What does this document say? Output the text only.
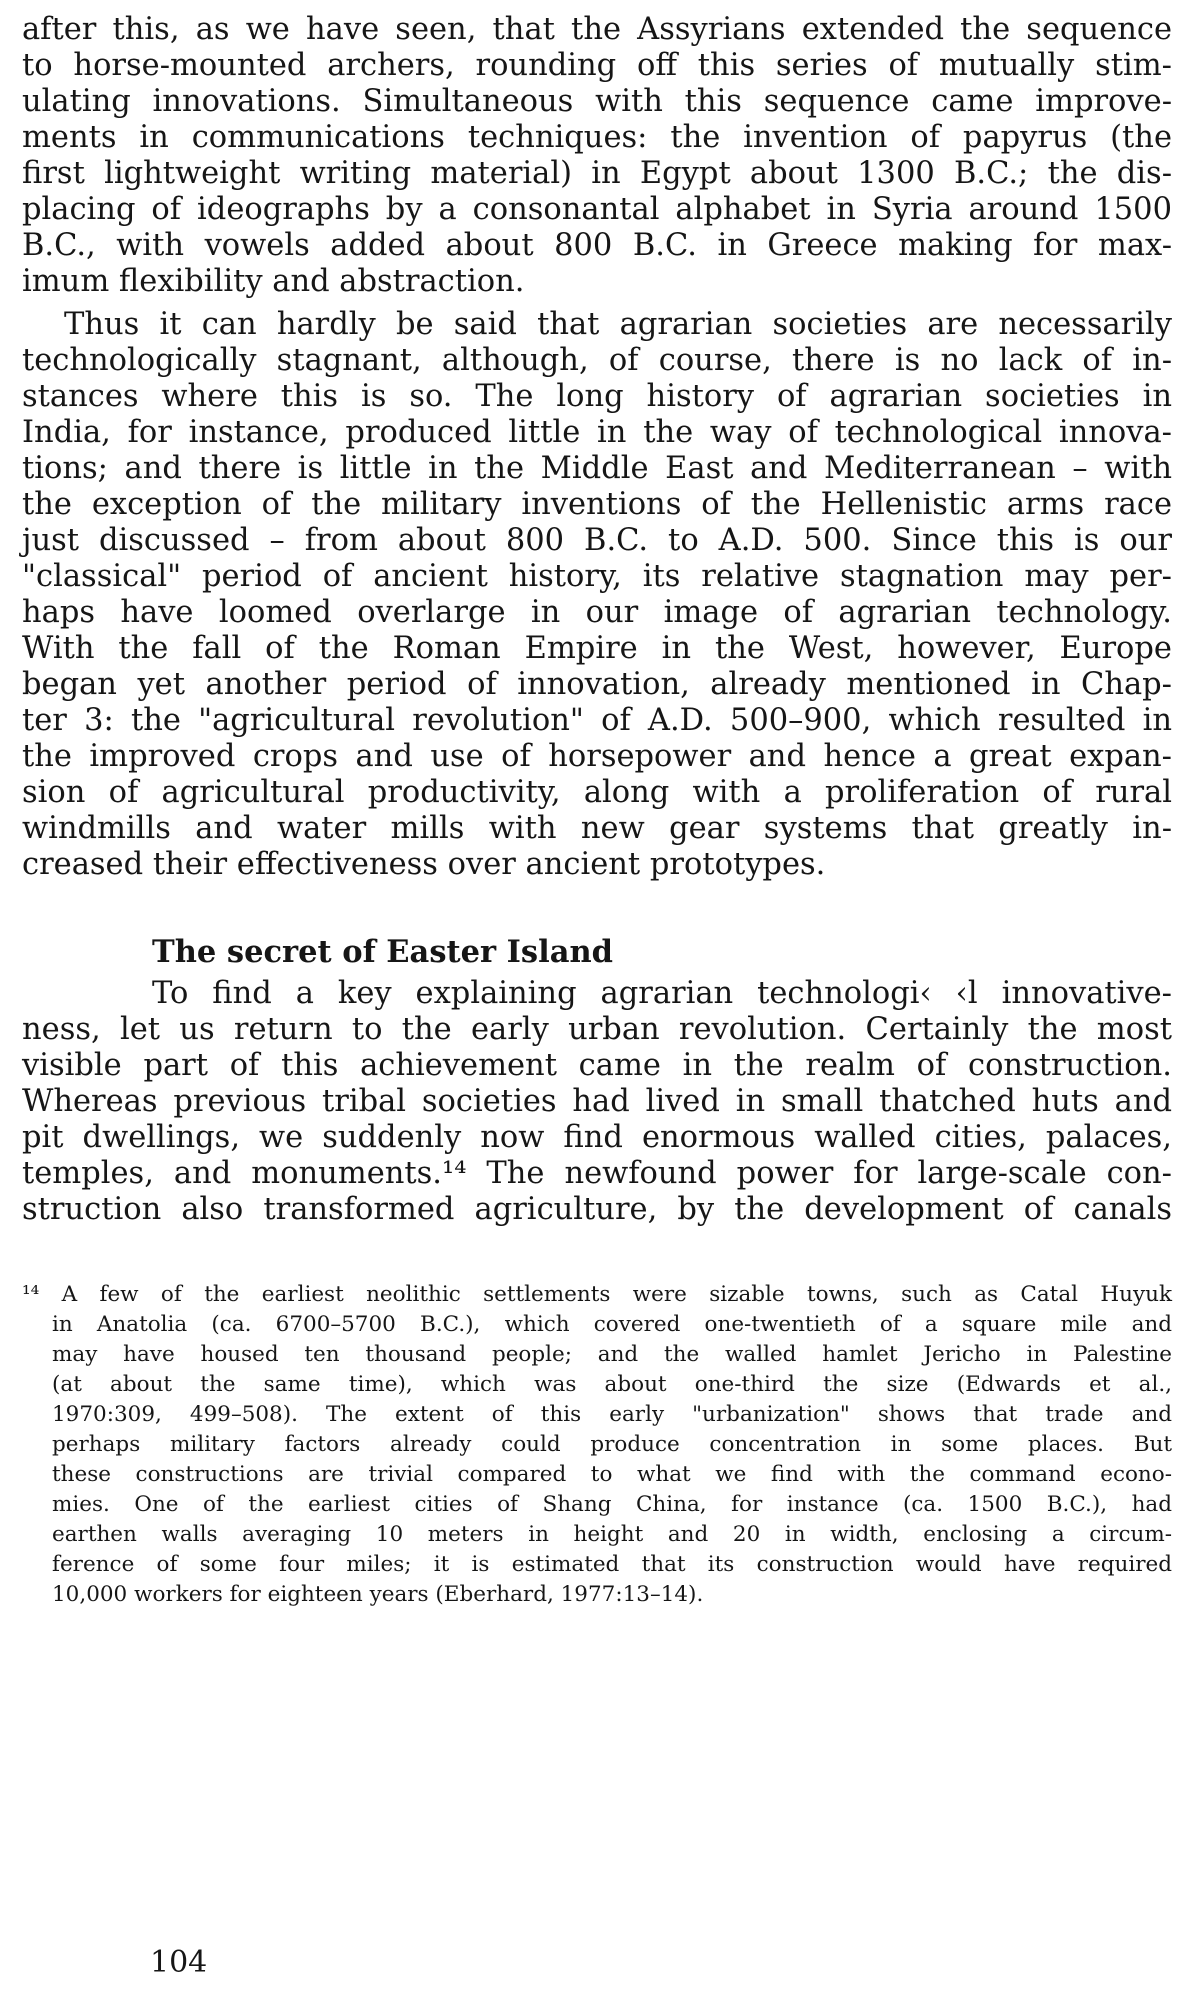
after this, as we have seen, that the Assyrians extended the sequence
to horse-mounted archers, rounding off this series of mutually stim-
ulating innovations. Simultaneous with this sequence came improve-
ments in communications techniques: the invention of papyrus (the
first lightweight writing material) in Egypt about 1300 B.C.; the dis-
placing of ideographs by a consonantal alphabet in Syria around 1500
B.C., with vowels added about 800 B.C. in Greece making for max-
imum flexibility and abstraction.
Thus it can hardly be said that agrarian societies are necessarily
technologically stagnant, although, of course, there is no lack of in-
stances where this is so. The long history of agrarian societies in
India, for instance, produced little in the way of technological innova-
tions; and there is little in the Middle East and Mediterranean – with
the exception of the military inventions of the Hellenistic arms race
just discussed – from about 800 B.C. to A.D. 500. Since this is our
"classical" period of ancient history, its relative stagnation may per-
haps have loomed overlarge in our image of agrarian technology.
With the fall of the Roman Empire in the West, however, Europe
began yet another period of innovation, already mentioned in Chap-
ter 3: the "agricultural revolution" of A.D. 500–900, which resulted in
the improved crops and use of horsepower and hence a great expan-
sion of agricultural productivity, along with a proliferation of rural
windmills and water mills with new gear systems that greatly in-
creased their effectiveness over ancient prototypes.
The secret of Easter Island
To find a key explaining agrarian technologi‹ ‹l innovative-
ness, let us return to the early urban revolution. Certainly the most
visible part of this achievement came in the realm of construction.
Whereas previous tribal societies had lived in small thatched huts and
pit dwellings, we suddenly now find enormous walled cities, palaces,
temples, and monuments.¹⁴ The newfound power for large-scale con-
struction also transformed agriculture, by the development of canals
¹⁴ A few of the earliest neolithic settlements were sizable towns, such as Catal Huyuk
in Anatolia (ca. 6700–5700 B.C.), which covered one-twentieth of a square mile and
may have housed ten thousand people; and the walled hamlet Jericho in Palestine
(at about the same time), which was about one-third the size (Edwards et al.,
1970:309, 499–508). The extent of this early "urbanization" shows that trade and
perhaps military factors already could produce concentration in some places. But
these constructions are trivial compared to what we find with the command econo-
mies. One of the earliest cities of Shang China, for instance (ca. 1500 B.C.), had
earthen walls averaging 10 meters in height and 20 in width, enclosing a circum-
ference of some four miles; it is estimated that its construction would have required
10,000 workers for eighteen years (Eberhard, 1977:13–14).
104
